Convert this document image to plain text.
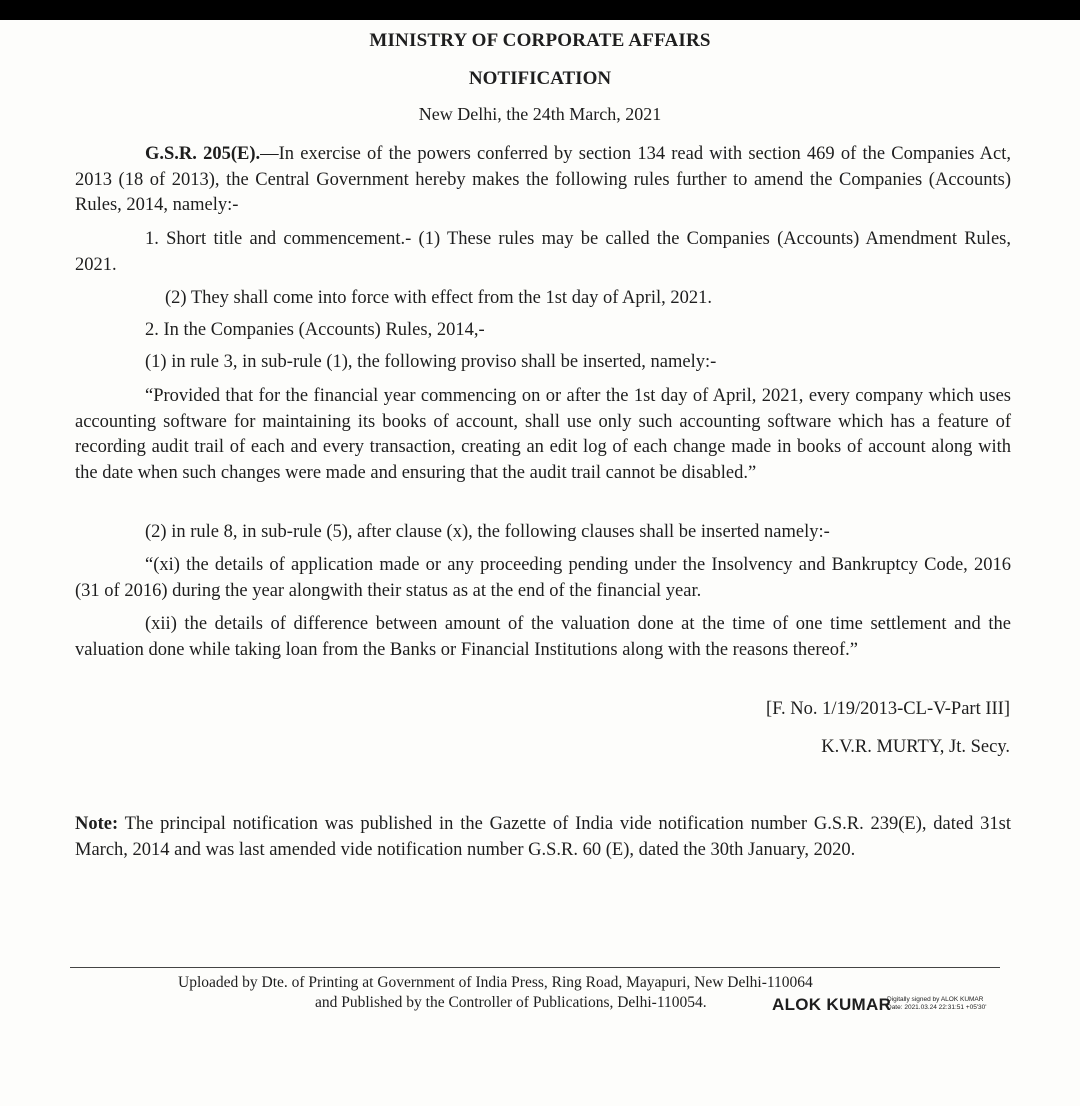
MINISTRY OF CORPORATE AFFAIRS
NOTIFICATION
New Delhi, the 24th March, 2021
G.S.R. 205(E).—In exercise of the powers conferred by section 134 read with section 469 of the Companies Act, 2013 (18 of 2013), the Central Government hereby makes the following rules further to amend the Companies (Accounts) Rules, 2014, namely:-
1. Short title and commencement.- (1) These rules may be called the Companies (Accounts) Amendment Rules, 2021.
(2) They shall come into force with effect from the 1st day of April, 2021.
2. In the Companies (Accounts) Rules, 2014,-
(1) in rule 3, in sub-rule (1), the following proviso shall be inserted, namely:-
“Provided that for the financial year commencing on or after the 1st day of April, 2021, every company which uses accounting software for maintaining its books of account, shall use only such accounting software which has a feature of recording audit trail of each and every transaction, creating an edit log of each change made in books of account along with the date when such changes were made and ensuring that the audit trail cannot be disabled.”
(2) in rule 8, in sub-rule (5), after clause (x), the following clauses shall be inserted namely:-
“(xi) the details of application made or any proceeding pending under the Insolvency and Bankruptcy Code, 2016 (31 of 2016) during the year alongwith their status as at the end of the financial year.
(xii) the details of difference between amount of the valuation done at the time of one time settlement and the valuation done while taking loan from the Banks or Financial Institutions along with the reasons thereof.”
[F. No. 1/19/2013-CL-V-Part III]
K.V.R. MURTY, Jt. Secy.
Note: The principal notification was published in the Gazette of India vide notification number G.S.R. 239(E), dated 31st March, 2014 and was last amended vide notification number G.S.R. 60 (E), dated the 30th January, 2020.
Uploaded by Dte. of Printing at Government of India Press, Ring Road, Mayapuri, New Delhi-110064
and Published by the Controller of Publications, Delhi-110054.	ALOK KUMAR
Digitally signed by ALOK KUMAR
Date: 2021.03.24 22:31:51 +05'30'
